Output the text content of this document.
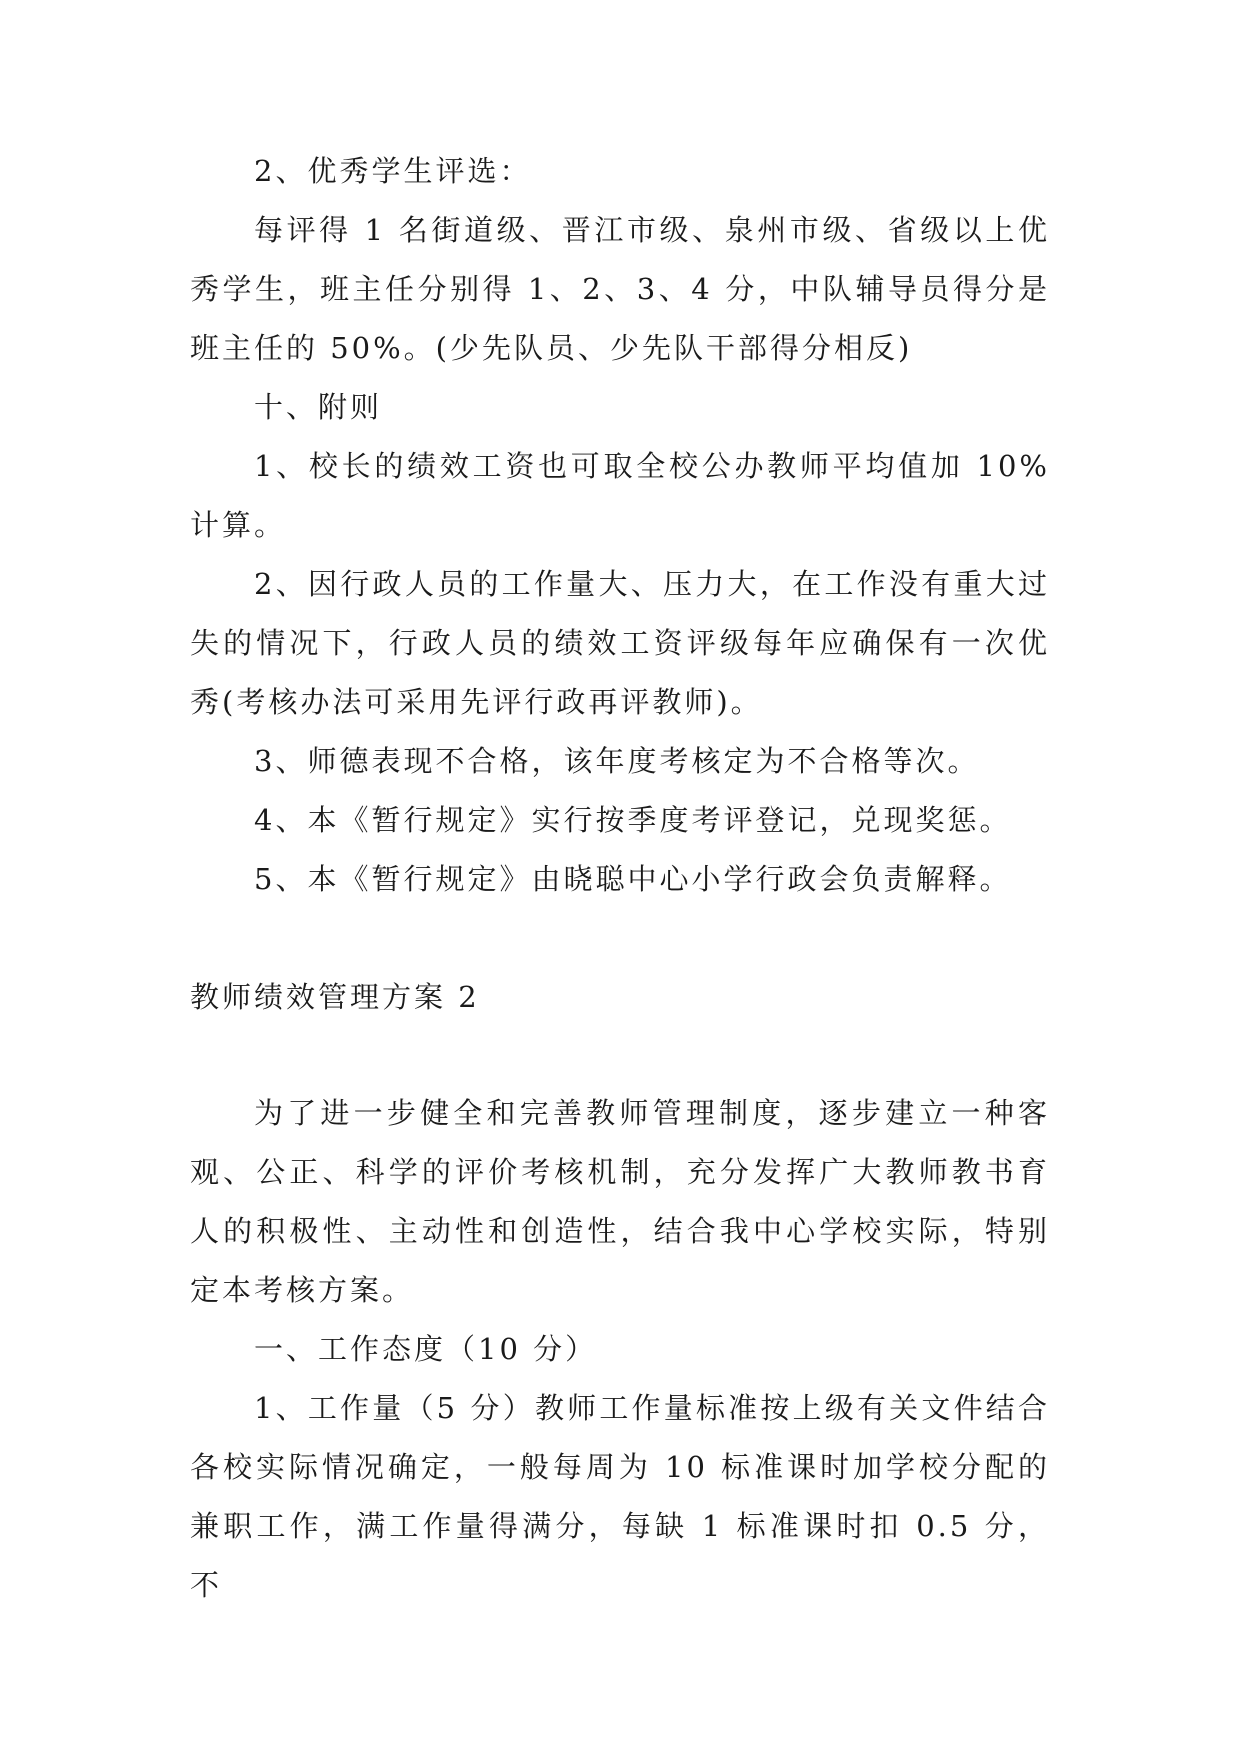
2、优秀学生评选：

每评得 1 名街道级、晋江市级、泉州市级、省级以上优秀学生，班主任分别得 1、2、3、4 分，中队辅导员得分是班主任的 50%。(少先队员、少先队干部得分相反)

十、附则

1、校长的绩效工资也可取全校公办教师平均值加 10%计算。

2、因行政人员的工作量大、压力大，在工作没有重大过失的情况下，行政人员的绩效工资评级每年应确保有一次优秀(考核办法可采用先评行政再评教师)。

3、师德表现不合格，该年度考核定为不合格等次。

4、本《暂行规定》实行按季度考评登记，兑现奖惩。

5、本《暂行规定》由晓聪中心小学行政会负责解释。

教师绩效管理方案 2

为了进一步健全和完善教师管理制度，逐步建立一种客观、公正、科学的评价考核机制，充分发挥广大教师教书育人的积极性、主动性和创造性，结合我中心学校实际，特别定本考核方案。

一、工作态度（10 分）

1、工作量（5 分）教师工作量标准按上级有关文件结合各校实际情况确定，一般每周为 10 标准课时加学校分配的兼职工作，满工作量得满分，每缺 1 标准课时扣 0.5 分，不
